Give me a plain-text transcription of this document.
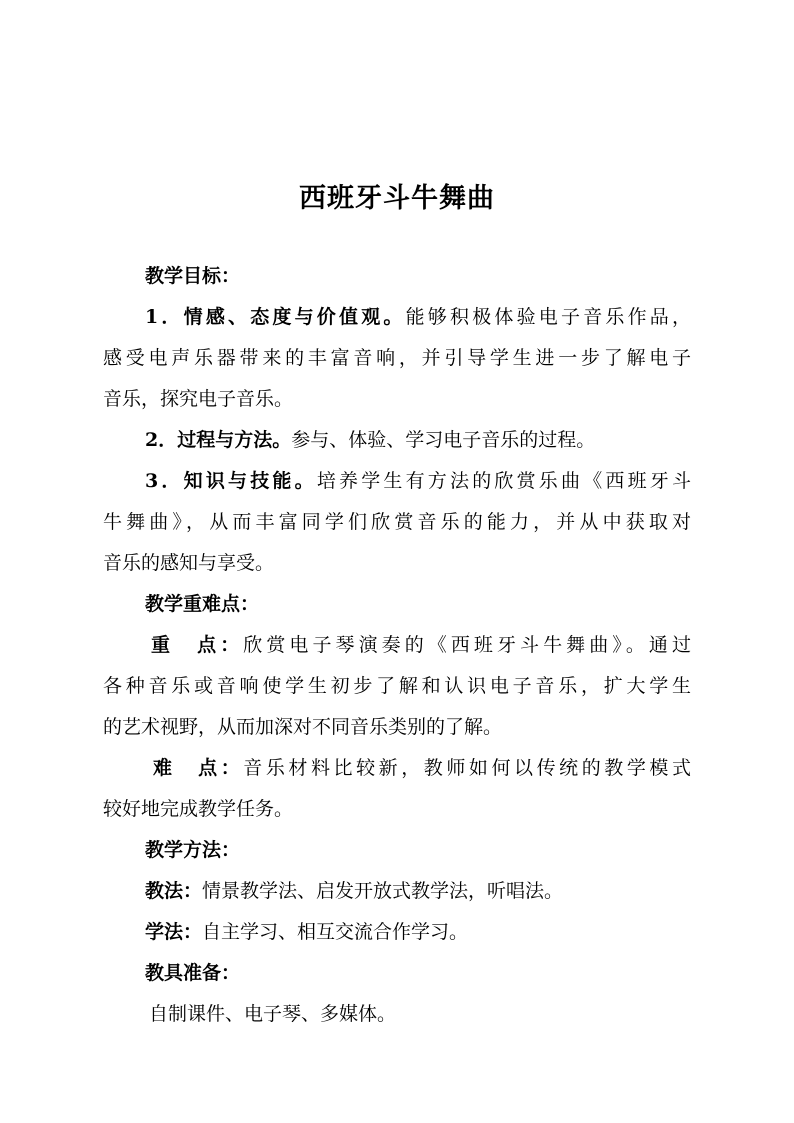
西班牙斗牛舞曲
教学目标：
1．情感、态度与价值观。能够积极体验电子音乐作品，
感受电声乐器带来的丰富音响，并引导学生进一步了解电子
音乐，探究电子音乐。
2．过程与方法。参与、体验、学习电子音乐的过程。
3．知识与技能。培养学生有方法的欣赏乐曲《西班牙斗
牛舞曲》，从而丰富同学们欣赏音乐的能力，并从中获取对
音乐的感知与享受。
教学重难点：
重　点：欣赏电子琴演奏的《西班牙斗牛舞曲》。通过
各种音乐或音响使学生初步了解和认识电子音乐，扩大学生
的艺术视野，从而加深对不同音乐类别的了解。
难　点：音乐材料比较新，教师如何以传统的教学模式
较好地完成教学任务。
教学方法：
教法：情景教学法、启发开放式教学法，听唱法。
学法：自主学习、相互交流合作学习。
教具准备：
自制课件、电子琴、多媒体。
